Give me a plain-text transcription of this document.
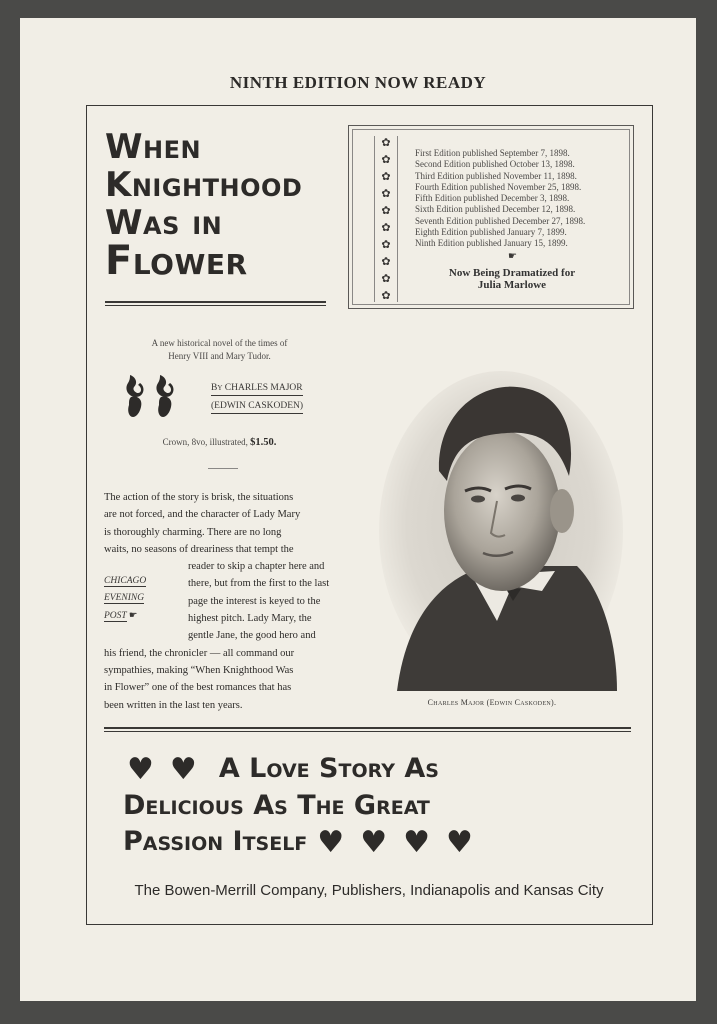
NINTH EDITION NOW READY
When
Knighthood
Was in
Flower
✿
✿
✿
✿
✿
✿
✿
✿
✿
✿
First Edition published September 7, 1898.
Second Edition published October 13, 1898.
Third Edition published November 11, 1898.
Fourth Edition published November 25, 1898.
Fifth Edition published December 3, 1898.
Sixth Edition published December 12, 1898.
Seventh Edition published December 27, 1898.
Eighth Edition published January 7, 1899.
Ninth Edition published January 15, 1899.
☛
Now Being Dramatized for
Julia Marlowe
A new historical novel of the times of
Henry VIII and Mary Tudor.
By CHARLES MAJOR
(EDWIN CASKODEN)
Crown, 8vo, illustrated, $1.50.
The action of the story is brisk, the situations
are not forced, and the character of Lady Mary
is thoroughly charming. There are no long
waits, no seasons of dreariness that tempt the
reader to skip a chapter here and
there, but from the first to the last
page the interest is keyed to the
highest pitch. Lady Mary, the
gentle Jane, the good hero and
his friend, the chronicler — all command our
sympathies, making “When Knighthood Was
in Flower” one of the best romances that has
been written in the last ten years.
CHICAGO
EVENING
POST ☛
Charles Major (Edwin Caskoden).
♥ ♥ A Love Story As
Delicious As The Great
Passion Itself ♥ ♥ ♥ ♥
The Bowen-Merrill Company, Publishers, Indianapolis and Kansas City
